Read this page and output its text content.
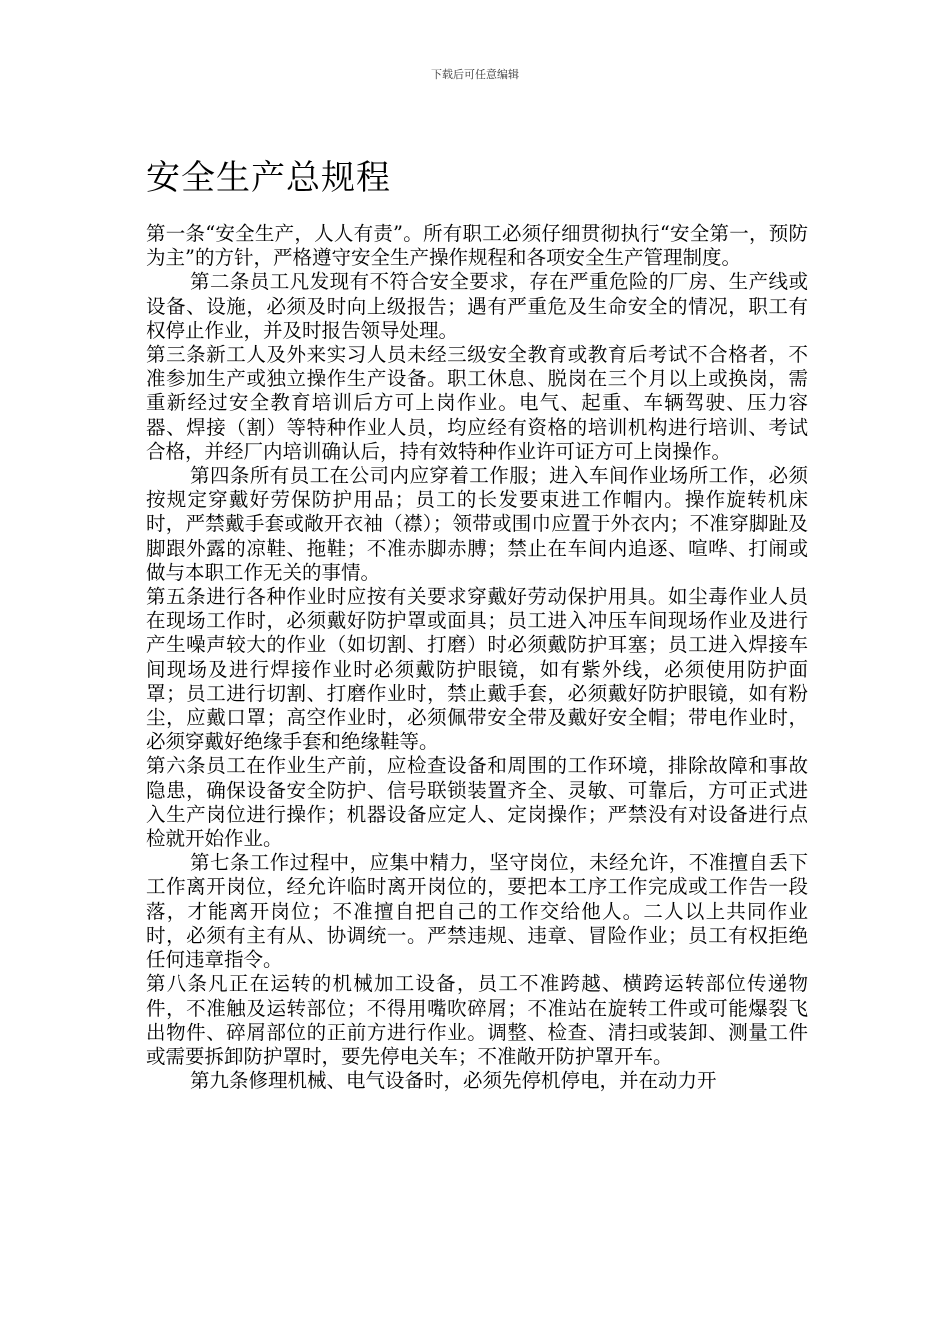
下载后可任意编辑
安全生产总规程

第一条“安全生产，人人有责”。所有职工必须仔细贯彻执行“安全第一，预防为主”的方针，严格遵守安全生产操作规程和各项安全生产管理制度。

第二条员工凡发现有不符合安全要求，存在严重危险的厂房、生产线或设备、设施，必须及时向上级报告；遇有严重危及生命安全的情况，职工有权停止作业，并及时报告领导处理。

第三条新工人及外来实习人员未经三级安全教育或教育后考试不合格者，不准参加生产或独立操作生产设备。职工休息、脱岗在三个月以上或换岗，需重新经过安全教育培训后方可上岗作业。电气、起重、车辆驾驶、压力容器、焊接（割）等特种作业人员，均应经有资格的培训机构进行培训、考试合格，并经厂内培训确认后，持有效特种作业许可证方可上岗操作。

第四条所有员工在公司内应穿着工作服；进入车间作业场所工作，必须按规定穿戴好劳保防护用品；员工的长发要束进工作帽内。操作旋转机床时，严禁戴手套或敞开衣袖（襟）；领带或围巾应置于外衣内；不准穿脚趾及脚跟外露的凉鞋、拖鞋；不准赤脚赤膊；禁止在车间内追逐、喧哗、打闹或做与本职工作无关的事情。

第五条进行各种作业时应按有关要求穿戴好劳动保护用具。如尘毒作业人员在现场工作时，必须戴好防护罩或面具；员工进入冲压车间现场作业及进行产生噪声较大的作业（如切割、打磨）时必须戴防护耳塞；员工进入焊接车间现场及进行焊接作业时必须戴防护眼镜，如有紫外线，必须使用防护面罩；员工进行切割、打磨作业时，禁止戴手套，必须戴好防护眼镜，如有粉尘，应戴口罩；高空作业时，必须佩带安全带及戴好安全帽；带电作业时，必须穿戴好绝缘手套和绝缘鞋等。

第六条员工在作业生产前，应检查设备和周围的工作环境，排除故障和事故隐患，确保设备安全防护、信号联锁装置齐全、灵敏、可靠后，方可正式进入生产岗位进行操作；机器设备应定人、定岗操作；严禁没有对设备进行点检就开始作业。

第七条工作过程中，应集中精力，坚守岗位，未经允许，不准擅自丢下工作离开岗位，经允许临时离开岗位的，要把本工序工作完成或工作告一段落，才能离开岗位；不准擅自把自己的工作交给他人。二人以上共同作业时，必须有主有从、协调统一。严禁违规、违章、冒险作业；员工有权拒绝任何违章指令。

第八条凡正在运转的机械加工设备，员工不准跨越、横跨运转部位传递物件，不准触及运转部位；不得用嘴吹碎屑；不准站在旋转工件或可能爆裂飞出物件、碎屑部位的正前方进行作业。调整、检查、清扫或装卸、测量工件或需要拆卸防护罩时，要先停电关车；不准敞开防护罩开车。

第九条修理机械、电气设备时，必须先停机停电，并在动力开
